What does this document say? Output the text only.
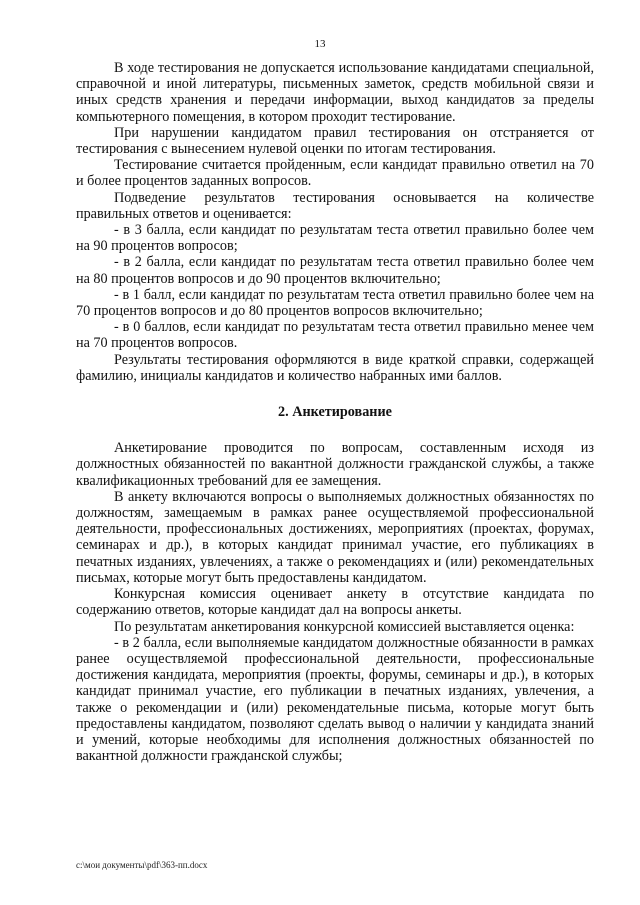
13

В ходе тестирования не допускается использование кандидатами специальной, справочной и иной литературы, письменных заметок, средств мобильной связи и иных средств хранения и передачи информации, выход кандидатов за пределы компьютерного помещения, в котором проходит тестирование.

При нарушении кандидатом правил тестирования он отстраняется от тестирования с вынесением нулевой оценки по итогам тестирования.

Тестирование считается пройденным, если кандидат правильно ответил на 70 и более процентов заданных вопросов.

Подведение результатов тестирования основывается на количестве правильных ответов и оценивается:

- в 3 балла, если кандидат по результатам теста ответил правильно более чем на 90 процентов вопросов;

- в 2 балла, если кандидат по результатам теста ответил правильно более чем на 80 процентов вопросов и до 90 процентов включительно;

- в 1 балл, если кандидат по результатам теста ответил правильно более чем на 70 процентов вопросов и до 80 процентов вопросов включительно;

- в 0 баллов, если кандидат по результатам теста ответил правильно менее чем на 70 процентов вопросов.

Результаты тестирования оформляются в виде краткой справки, содержащей фамилию, инициалы кандидатов и количество набранных ими баллов.

2. Анкетирование

Анкетирование проводится по вопросам, составленным исходя из должностных обязанностей по вакантной должности гражданской службы, а также квалификационных требований для ее замещения.

В анкету включаются вопросы о выполняемых должностных обязанностях по должностям, замещаемым в рамках ранее осуществляемой профессиональной деятельности, профессиональных достижениях, мероприятиях (проектах, форумах, семинарах и др.), в которых кандидат принимал участие, его публикациях в печатных изданиях, увлечениях, а также о рекомендациях и (или) рекомендательных письмах, которые могут быть предоставлены кандидатом.

Конкурсная комиссия оценивает анкету в отсутствие кандидата по содержанию ответов, которые кандидат дал на вопросы анкеты.

По результатам анкетирования конкурсной комиссией выставляется оценка:

- в 2 балла, если выполняемые кандидатом должностные обязанности в рамках ранее осуществляемой профессиональной деятельности, профессиональные достижения кандидата, мероприятия (проекты, форумы, семинары и др.), в которых кандидат принимал участие, его публикации в печатных изданиях, увлечения, а также о рекомендации и (или) рекомендательные письма, которые могут быть предоставлены кандидатом, позволяют сделать вывод о наличии у кандидата знаний и умений, которые необходимы для исполнения должностных обязанностей по вакантной должности гражданской службы;

c:\мои документы\pdf\363-пп.docx
